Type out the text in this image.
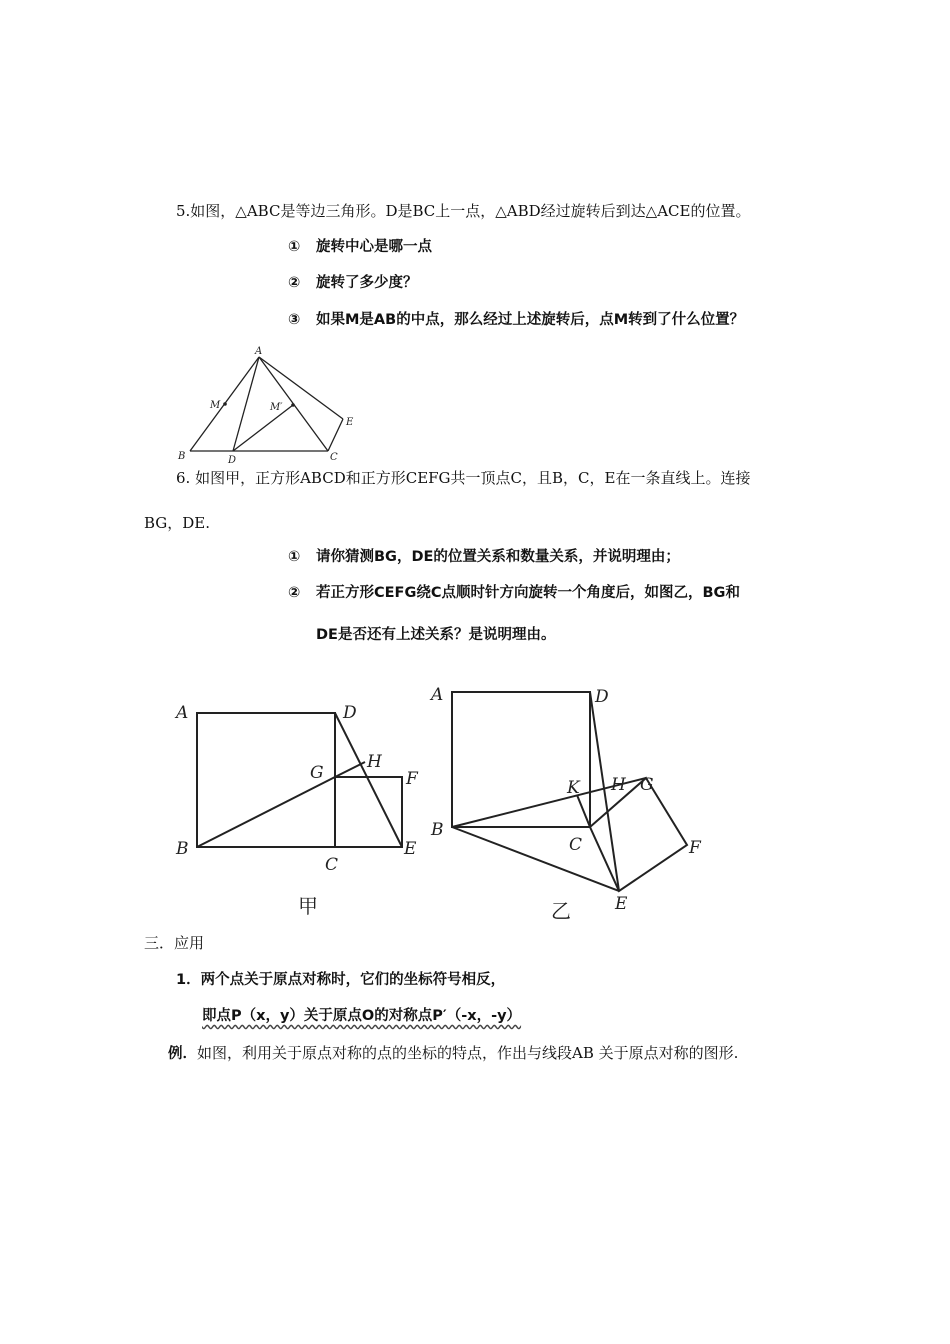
5.如图，△ABC是等边三角形。D是BC上一点，△ABD经过旋转后到达△ACE的位置。
① 旋转中心是哪一点
② 旋转了多少度？
③ 如果M是AB的中点，那么经过上述旋转后，点M转到了什么位置？
A
B	C
D
E
M	M′
6. 如图甲，正方形ABCD和正方形CEFG共一顶点C，且B，C，E在一条直线上。连接
BG，DE.
① 请你猜测BG，DE的位置关系和数量关系，并说明理由；
② 若正方形CEFG绕C点顺时针方向旋转一个角度后，如图乙，BG和
DE是否还有上述关系？是说明理由。
A
B
C
D
E
F
G
H
甲
A
B
C
D
E
F
G
H
K
乙
三．应用
1．两个点关于原点对称时，它们的坐标符号相反，
即点P（x，y）关于原点O的对称点P′（-x，-y）
例．如图，利用关于原点对称的点的坐标的特点，作出与线段AB 关于原点对称的图形.
